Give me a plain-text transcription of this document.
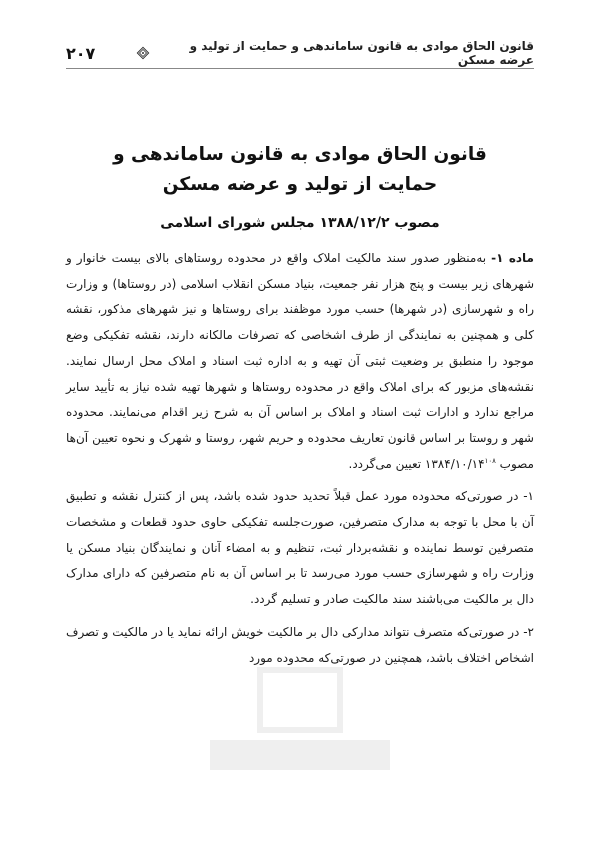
۲۰۷	قانون الحاق موادی به قانون ساماندهی و حمایت از تولید و عرضه مسکن
قانون الحاق موادی به قانون ساماندهی و
حمایت از تولید و عرضه مسکن
مصوب ۱۳۸۸/۱۲/۲ مجلس شورای اسلامی

ماده ۱- به‌منظور صدور سند مالکیت املاک واقع در محدوده روستاهای بالای بیست خانوار و شهرهای زیر بیست و پنج هزار نفر جمعیت، بنیاد مسکن انقلاب اسلامی (در روستاها) و وزارت راه و شهرسازی (در شهرها) حسب مورد موظفند برای روستاها و نیز شهرهای مذکور، نقشه کلی و همچنین به نمایندگی از طرف اشخاصی که تصرفات مالکانه دارند، نقشه تفکیکی وضع موجود را منطبق بر وضعیت ثبتی آن تهیه و به اداره ثبت اسناد و املاک محل ارسال نمایند. نقشه‌های مزبور که برای املاک واقع در محدوده روستاها و شهرها تهیه شده نیاز به تأیید سایر مراجع ندارد و ادارات ثبت اسناد و املاک بر اساس آن به شرح زیر اقدام می‌نمایند. محدوده شهر و روستا بر اساس قانون تعاریف محدوده و حریم شهر، روستا و شهرک و نحوه تعیین آن‌ها مصوب ۱۳۸۴/۱۰/۱۴$^{۱۰۸}$ تعیین می‌گردد.

۱- در صورتی‌که محدوده مورد عمل قبلاً تحدید حدود شده باشد، پس از کنترل نقشه و تطبیق آن با محل با توجه به مدارک متصرفین، صورت‌جلسه تفکیکی حاوی حدود قطعات و مشخصات متصرفین توسط نماینده و نقشه‌بردار ثبت، تنظیم و به امضاء آنان و نمایندگان بنیاد مسکن یا وزارت راه و شهرسازی حسب مورد می‌رسد تا بر اساس آن به نام متصرفین که دارای مدارک دال بر مالکیت می‌باشند سند مالکیت صادر و تسلیم گردد.

۲- در صورتی‌که متصرف نتواند مدارکی دال بر مالکیت خویش ارائه نماید یا در مالکیت و تصرف اشخاص اختلاف باشد، همچنین در صورتی‌که محدوده مورد
